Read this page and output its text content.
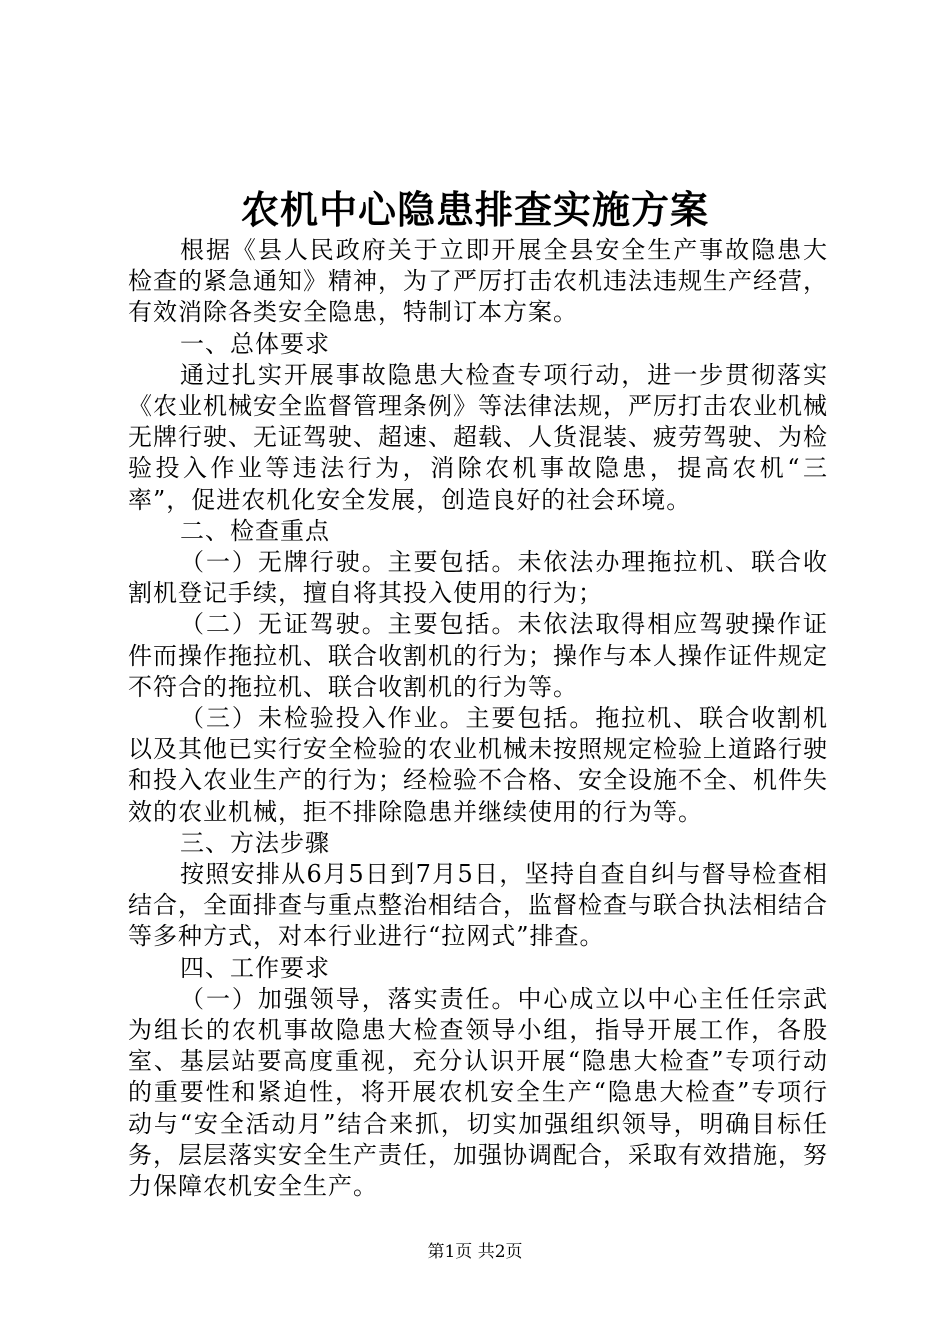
农机中心隐患排查实施方案

根据《县人民政府关于立即开展全县安全生产事故隐患大检查的紧急通知》精神，为了严厉打击农机违法违规生产经营，有效消除各类安全隐患，特制订本方案。

一、总体要求

通过扎实开展事故隐患大检查专项行动，进一步贯彻落实《农业机械安全监督管理条例》等法律法规，严厉打击农业机械无牌行驶、无证驾驶、超速、超载、人货混装、疲劳驾驶、为检验投入作业等违法行为，消除农机事故隐患，提高农机“三率”，促进农机化安全发展，创造良好的社会环境。

二、检查重点

（一）无牌行驶。主要包括。未依法办理拖拉机、联合收割机登记手续，擅自将其投入使用的行为；

（二）无证驾驶。主要包括。未依法取得相应驾驶操作证件而操作拖拉机、联合收割机的行为；操作与本人操作证件规定不符合的拖拉机、联合收割机的行为等。

（三）未检验投入作业。主要包括。拖拉机、联合收割机以及其他已实行安全检验的农业机械未按照规定检验上道路行驶和投入农业生产的行为；经检验不合格、安全设施不全、机件失效的农业机械，拒不排除隐患并继续使用的行为等。

三、方法步骤

按照安排从6月5日到7月5日，坚持自查自纠与督导检查相结合，全面排查与重点整治相结合，监督检查与联合执法相结合等多种方式，对本行业进行“拉网式”排查。

四、工作要求

（一）加强领导，落实责任。中心成立以中心主任任宗武为组长的农机事故隐患大检查领导小组，指导开展工作，各股室、基层站要高度重视，充分认识开展“隐患大检查”专项行动的重要性和紧迫性，将开展农机安全生产“隐患大检查”专项行动与“安全活动月”结合来抓，切实加强组织领导，明确目标任务，层层落实安全生产责任，加强协调配合，采取有效措施，努力保障农机安全生产。

第1页 共2页
